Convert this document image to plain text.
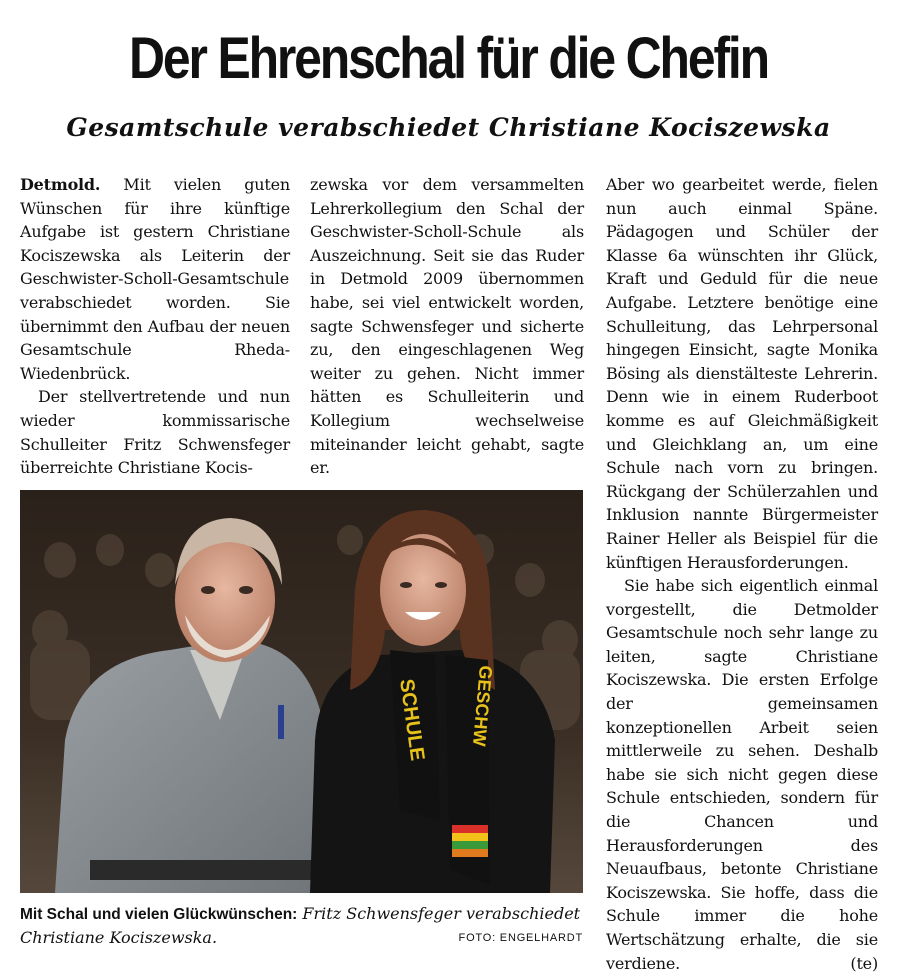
Der Ehrenschal für die Chefin
Gesamtschule verabschiedet Christiane Kociszewska

Detmold. Mit vielen guten Wünschen für ihre künftige Aufgabe ist gestern Christiane Kociszewska als Leiterin der Geschwister-Scholl-Gesamtschule verabschiedet worden. Sie übernimmt den Aufbau der neuen Gesamtschule Rheda-Wiedenbrück.

Der stellvertretende und nun wieder kommissarische Schulleiter Fritz Schwensfeger überreichte Christiane Kocis-

zewska vor dem versammelten Lehrerkollegium den Schal der Geschwister-Scholl-Schule als Auszeichnung. Seit sie das Ruder in Detmold 2009 übernommen habe, sei viel entwickelt worden, sagte Schwensfeger und sicherte zu, den eingeschlagenen Weg weiter zu gehen. Nicht immer hätten es Schulleiterin und Kollegium wechselweise miteinander leicht gehabt, sagte er.

Aber wo gearbeitet werde, fielen nun auch einmal Späne. Pädagogen und Schüler der Klasse 6a wünschten ihr Glück, Kraft und Geduld für die neue Aufgabe. Letztere benötige eine Schulleitung, das Lehrpersonal hingegen Einsicht, sagte Monika Bösing als dienstälteste Lehrerin. Denn wie in einem Ruderboot komme es auf Gleichmäßigkeit und Gleichklang an, um eine Schule nach vorn zu bringen. Rückgang der Schülerzahlen und Inklusion nannte Bürgermeister Rainer Heller als Beispiel für die künftigen Herausforderungen.

Sie habe sich eigentlich einmal vorgestellt, die Detmolder Gesamtschule noch sehr lange zu leiten, sagte Christiane Kociszewska. Die ersten Erfolge der gemeinsamen konzeptionellen Arbeit seien mittlerweile zu sehen. Deshalb habe sie sich nicht gegen diese Schule entschieden, sondern für die Chancen und Herausforderungen des Neuaufbaus, betonte Christiane Kociszewska. Sie hoffe, dass die Schule immer die hohe Wertschätzung erhalte, die sie verdiene.	(te)

SCHULE GESCHW
Mit Schal und vielen Glückwünschen: Fritz Schwensfeger verabschiedet Christiane Kociszewska.	FOTO: ENGELHARDT
